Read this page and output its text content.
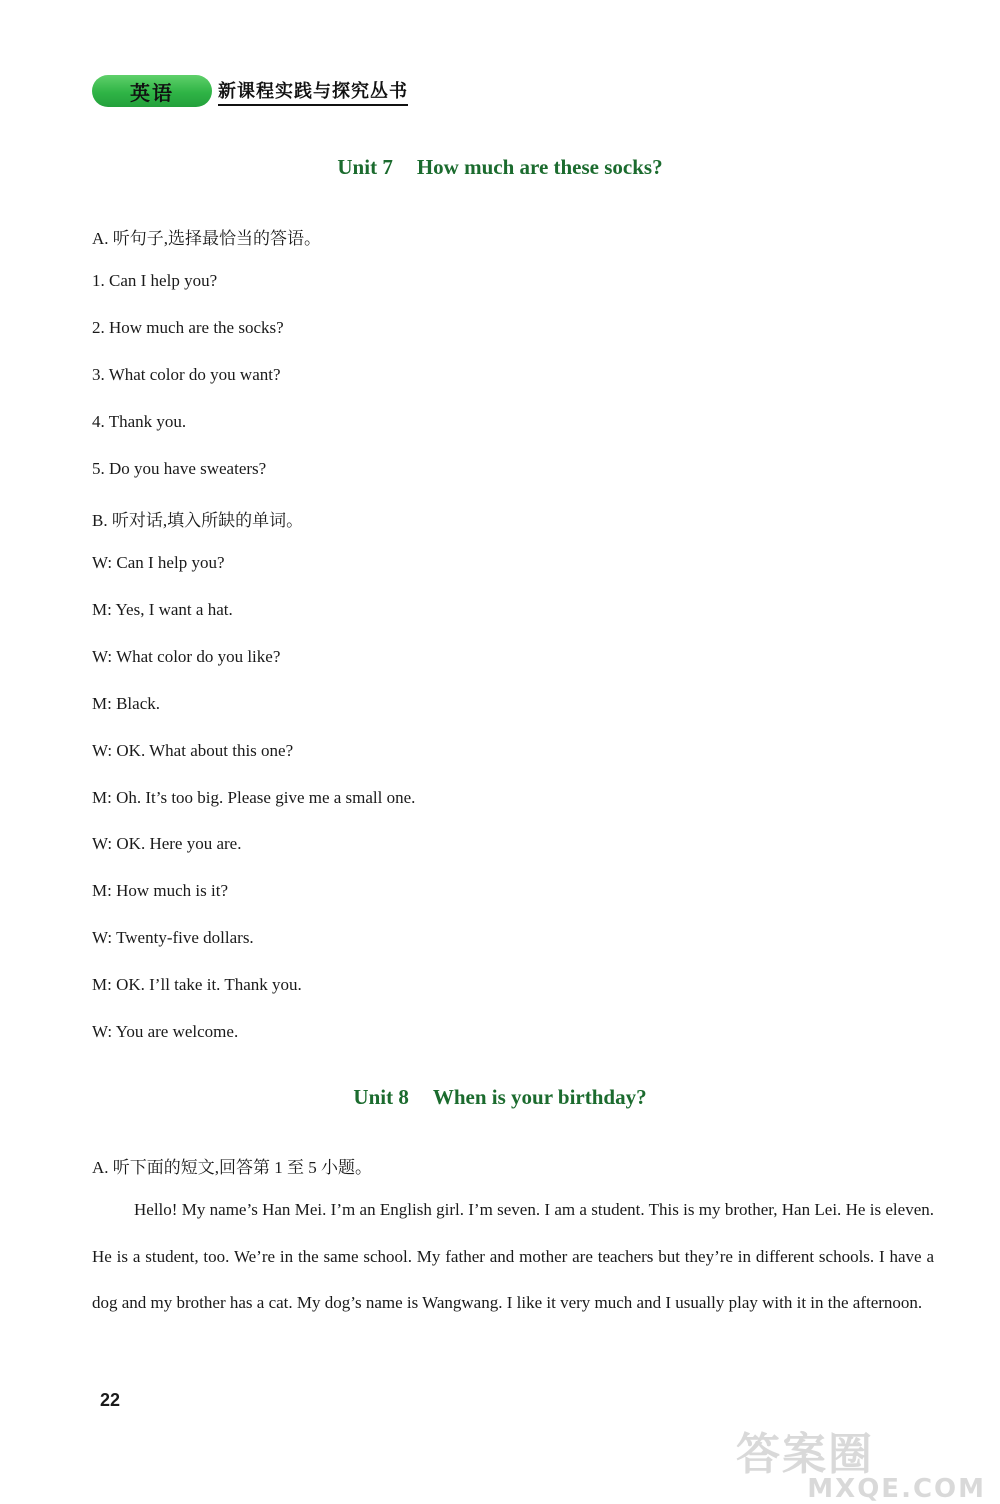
英语	新课程实践与探究丛书
Unit 7 How much are these socks?
A. 听句子,选择最恰当的答语。
1. Can I help you?
2. How much are the socks?
3. What color do you want?
4. Thank you.
5. Do you have sweaters?
B. 听对话,填入所缺的单词。
W: Can I help you?
M: Yes, I want a hat.
W: What color do you like?
M: Black.
W: OK. What about this one?
M: Oh. It’s too big. Please give me a small one.
W: OK. Here you are.
M: How much is it?
W: Twenty-five dollars.
M: OK. I’ll take it. Thank you.
W: You are welcome.
Unit 8 When is your birthday?
A. 听下面的短文,回答第 1 至 5 小题。
Hello! My name’s Han Mei. I’m an English girl. I’m seven. I am a student. This is my brother, Han Lei. He is eleven. He is a student, too. We’re in the same school. My father and mother are teachers but they’re in different schools. I have a dog and my brother has a cat. My dog’s name is Wangwang. I like it very much and I usually play with it in the afternoon.
22
答案圈
MXQE.COM
